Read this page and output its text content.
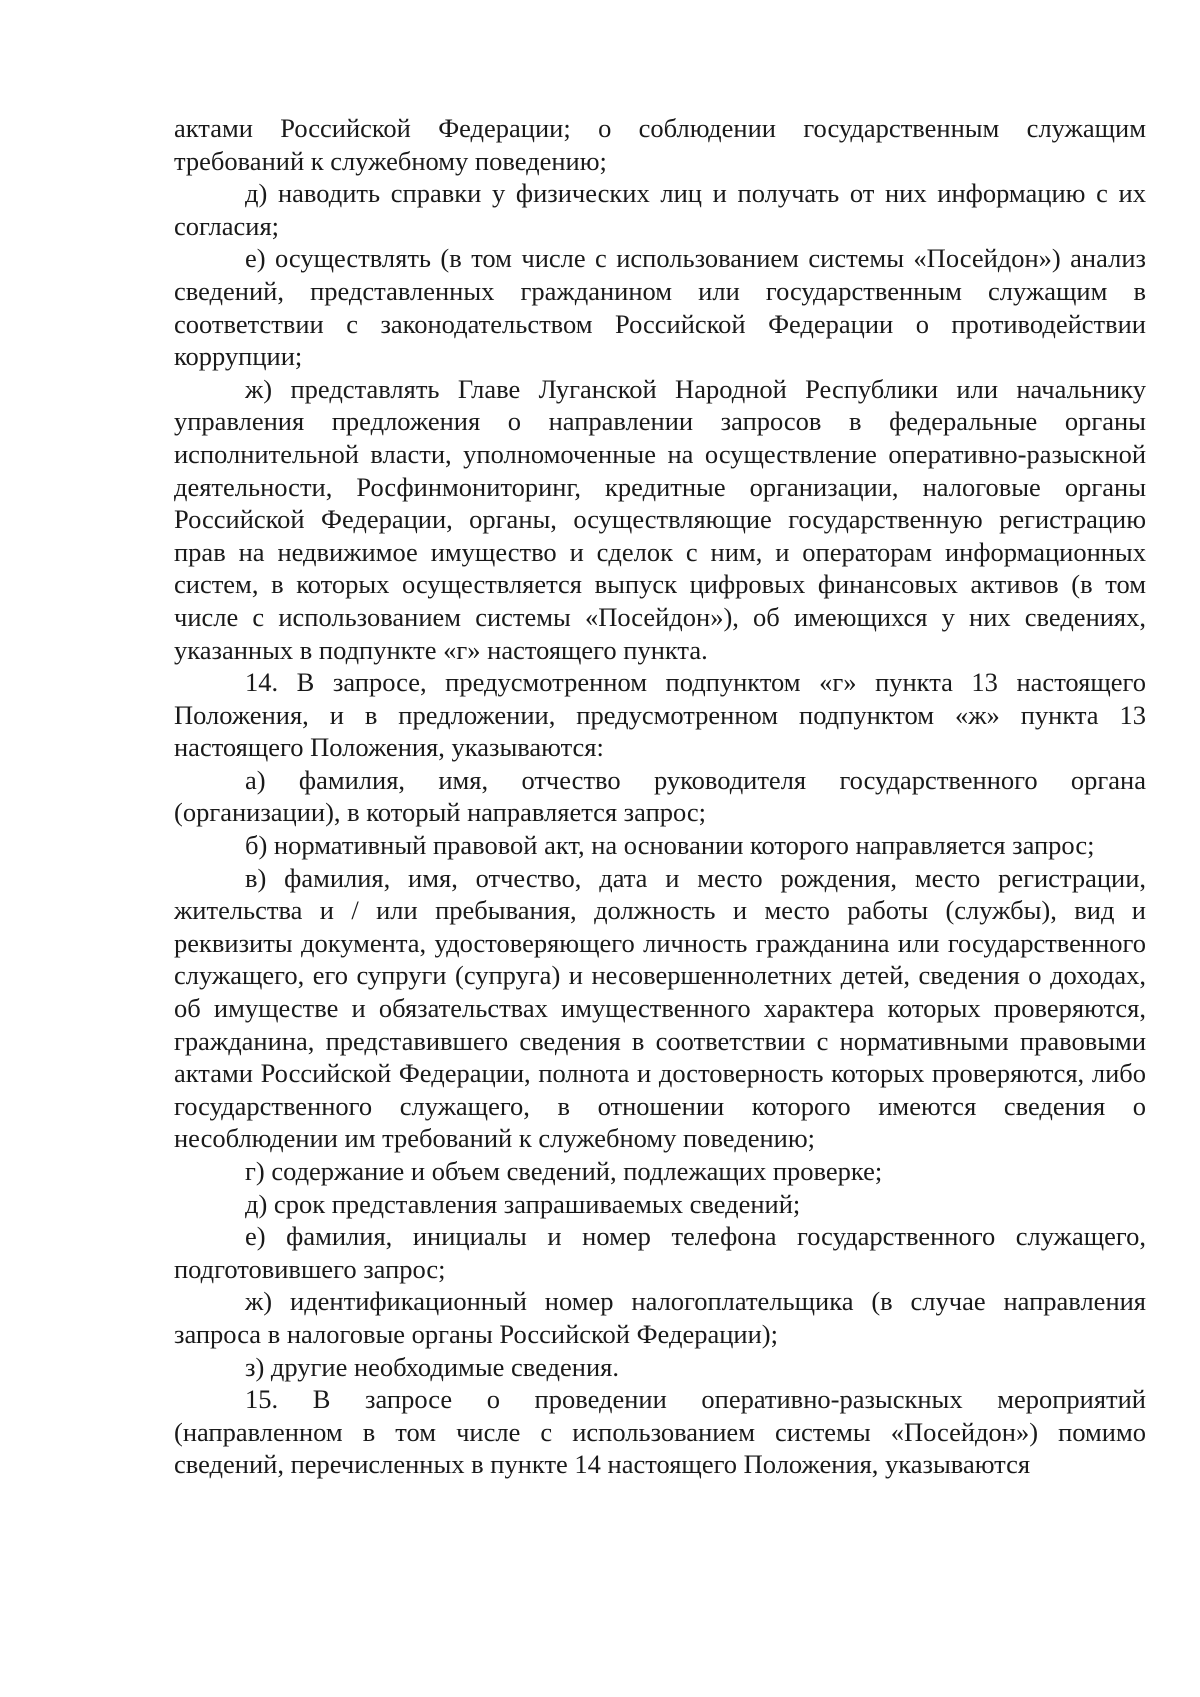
актами Российской Федерации; о соблюдении государственным служащим требований к служебному поведению;

д) наводить справки у физических лиц и получать от них информацию с их согласия;

е) осуществлять (в том числе с использованием системы «Посейдон») анализ сведений, представленных гражданином или государственным служащим в соответствии с законодательством Российской Федерации о противодействии коррупции;

ж) представлять Главе Луганской Народной Республики или начальнику управления предложения о направлении запросов в федеральные органы исполнительной власти, уполномоченные на осуществление оперативно-разыскной деятельности, Росфинмониторинг, кредитные организации, налоговые органы Российской Федерации, органы, осуществляющие государственную регистрацию прав на недвижимое имущество и сделок с ним, и операторам информационных систем, в которых осуществляется выпуск цифровых финансовых активов (в том числе с использованием системы «Посейдон»), об имеющихся у них сведениях, указанных в подпункте «г» настоящего пункта.

14. В запросе, предусмотренном подпунктом «г» пункта 13 настоящего Положения, и в предложении, предусмотренном подпунктом «ж» пункта 13 настоящего Положения, указываются:

а) фамилия, имя, отчество руководителя государственного органа (организации), в который направляется запрос;

б) нормативный правовой акт, на основании которого направляется запрос;

в) фамилия, имя, отчество, дата и место рождения, место регистрации, жительства и / или пребывания, должность и место работы (службы), вид и реквизиты документа, удостоверяющего личность гражданина или государственного служащего, его супруги (супруга) и несовершеннолетних детей, сведения о доходах, об имуществе и обязательствах имущественного характера которых проверяются, гражданина, представившего сведения в соответствии с нормативными правовыми актами Российской Федерации, полнота и достоверность которых проверяются, либо государственного служащего, в отношении которого имеются сведения о несоблюдении им требований к служебному поведению;

г) содержание и объем сведений, подлежащих проверке;

д) срок представления запрашиваемых сведений;

е) фамилия, инициалы и номер телефона государственного служащего, подготовившего запрос;

ж) идентификационный номер налогоплательщика (в случае направления запроса в налоговые органы Российской Федерации);

з) другие необходимые сведения.

15. В запросе о проведении оперативно-разыскных мероприятий (направленном в том числе с использованием системы «Посейдон») помимо сведений, перечисленных в пункте 14 настоящего Положения, указываются
